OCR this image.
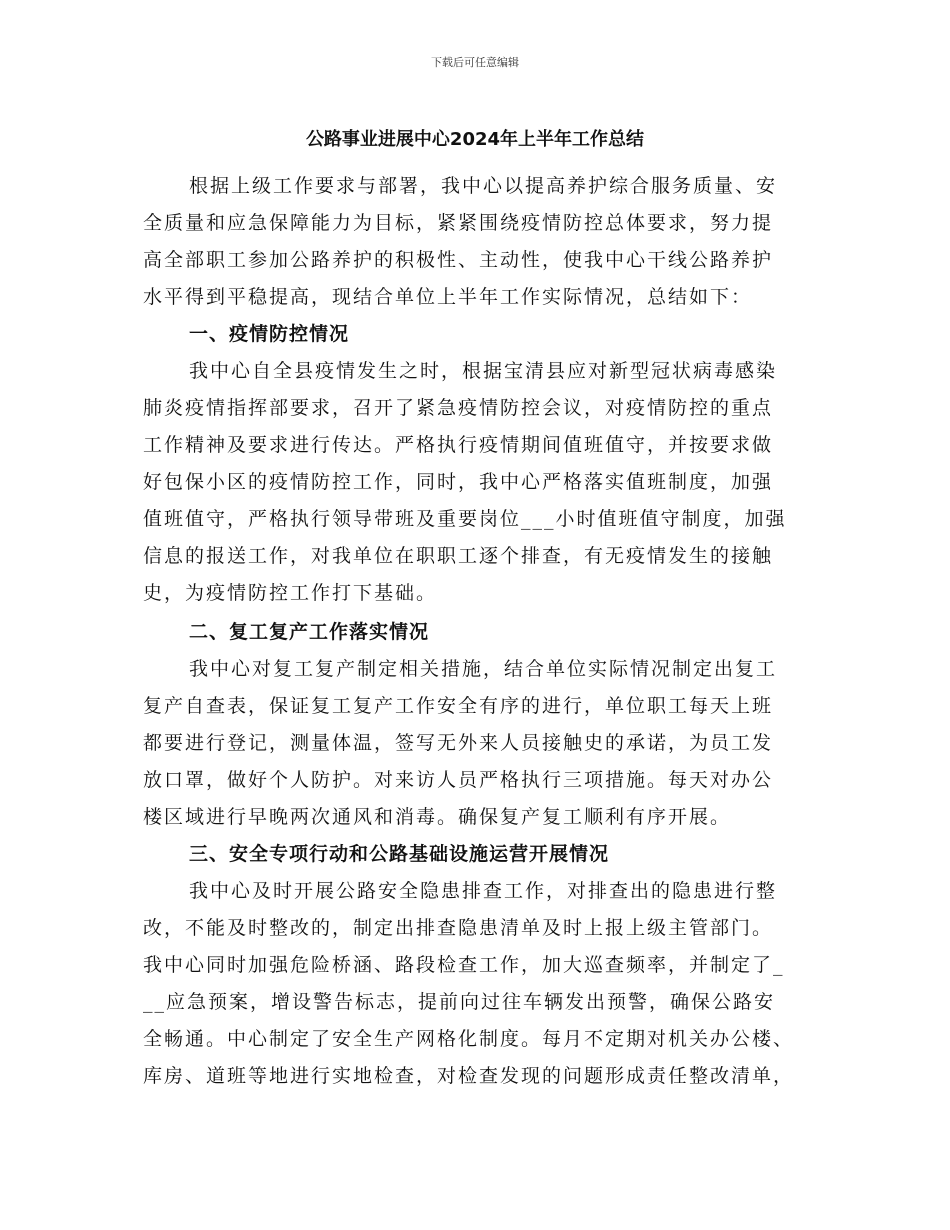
下载后可任意编辑
公路事业进展中心2024年上半年工作总结
根据上级工作要求与部署，我中心以提高养护综合服务质量、安
全质量和应急保障能力为目标，紧紧围绕疫情防控总体要求，努力提
高全部职工参加公路养护的积极性、主动性，使我中心干线公路养护
水平得到平稳提高，现结合单位上半年工作实际情况，总结如下：
一、疫情防控情况
我中心自全县疫情发生之时，根据宝清县应对新型冠状病毒感染
肺炎疫情指挥部要求，召开了紧急疫情防控会议，对疫情防控的重点
工作精神及要求进行传达。严格执行疫情期间值班值守，并按要求做
好包保小区的疫情防控工作，同时，我中心严格落实值班制度，加强
值班值守，严格执行领导带班及重要岗位___小时值班值守制度，加强
信息的报送工作，对我单位在职职工逐个排查，有无疫情发生的接触
史，为疫情防控工作打下基础。
二、复工复产工作落实情况
我中心对复工复产制定相关措施，结合单位实际情况制定出复工
复产自查表，保证复工复产工作安全有序的进行，单位职工每天上班
都要进行登记，测量体温，签写无外来人员接触史的承诺，为员工发
放口罩，做好个人防护。对来访人员严格执行三项措施。每天对办公
楼区域进行早晚两次通风和消毒。确保复产复工顺利有序开展。
三、安全专项行动和公路基础设施运营开展情况
我中心及时开展公路安全隐患排查工作，对排查出的隐患进行整
改，不能及时整改的，制定出排查隐患清单及时上报上级主管部门。
我中心同时加强危险桥涵、路段检查工作，加大巡查频率，并制定了_
__应急预案，增设警告标志，提前向过往车辆发出预警，确保公路安
全畅通。中心制定了安全生产网格化制度。每月不定期对机关办公楼、
库房、道班等地进行实地检查，对检查发现的问题形成责任整改清单，
